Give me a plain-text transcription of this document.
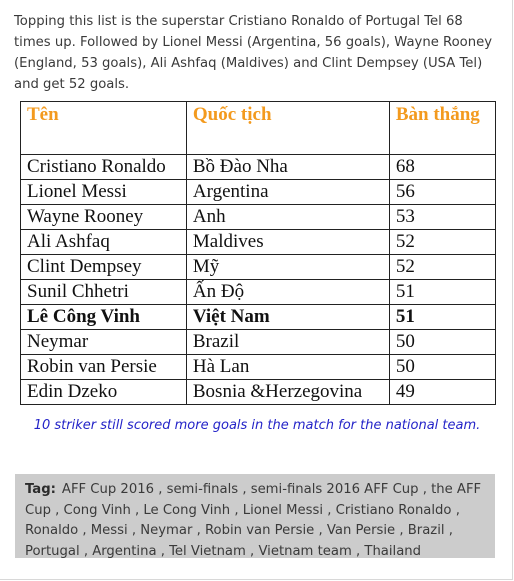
Topping this list is the superstar Cristiano Ronaldo of Portugal Tel 68 times up. Followed by Lionel Messi (Argentina, 56 goals), Wayne Rooney (England, 53 goals), Ali Ashfaq (Maldives) and Clint Dempsey (USA Tel) and get 52 goals.

Tên	Quốc tịch	Bàn thắng
Cristiano Ronaldo	Bồ Đào Nha	68
Lionel Messi	Argentina	56
Wayne Rooney	Anh	53
Ali Ashfaq	Maldives	52
Clint Dempsey	Mỹ	52
Sunil Chhetri	Ấn Độ	51
Lê Công Vinh	Việt Nam	51
Neymar	Brazil	50
Robin van Persie	Hà Lan	50
Edin Dzeko	Bosnia &Herzegovina	49

10 striker still scored more goals in the match for the national team.

Tag: AFF Cup 2016 , semi-finals , semi-finals 2016 AFF Cup , the AFF Cup , Cong Vinh , Le Cong Vinh , Lionel Messi , Cristiano Ronaldo , Ronaldo , Messi , Neymar , Robin van Persie , Van Persie , Brazil , Portugal , Argentina , Tel Vietnam , Vietnam team , Thailand
